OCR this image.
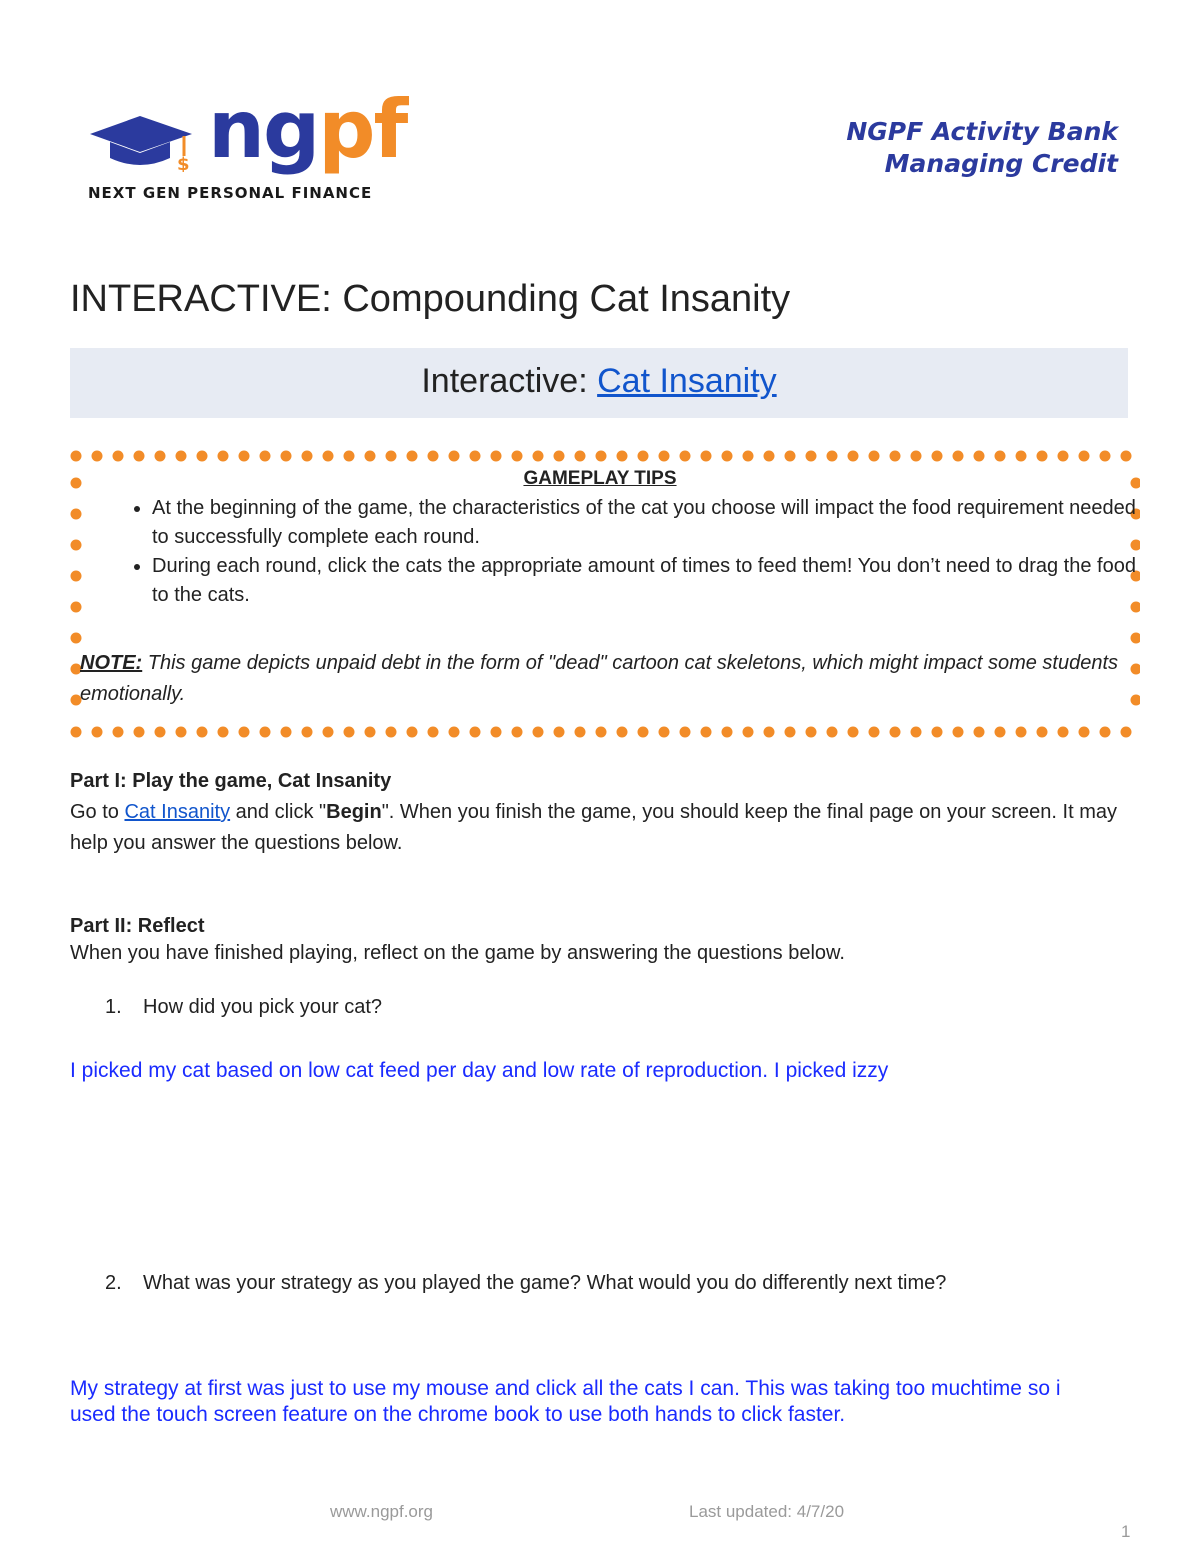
$ ngpf
NEXT GEN PERSONAL FINANCE
NGPF Activity Bank
Managing Credit
INTERACTIVE: Compounding Cat Insanity
Interactive: Cat Insanity
GAMEPLAY TIPS
• At the beginning of the game, the characteristics of the cat you choose will impact the food requirement needed to successfully complete each round.
• During each round, click the cats the appropriate amount of times to feed them! You don’t need to drag the food to the cats.
NOTE: This game depicts unpaid debt in the form of "dead" cartoon cat skeletons, which might impact some students emotionally.
Part I: Play the game, Cat Insanity
Go to Cat Insanity and click "Begin". When you finish the game, you should keep the final page on your screen. It may help you answer the questions below.
Part II: Reflect
When you have finished playing, reflect on the game by answering the questions below.
1. How did you pick your cat?
I picked my cat based on low cat feed per day and low rate of reproduction. I picked izzy
2. What was your strategy as you played the game? What would you do differently next time?
My strategy at first was just to use my mouse and click all the cats I can. This was taking too muchtime so i used the touch screen feature on the chrome book to use both hands to click faster.
www.ngpf.org	Last updated: 4/7/20
1
